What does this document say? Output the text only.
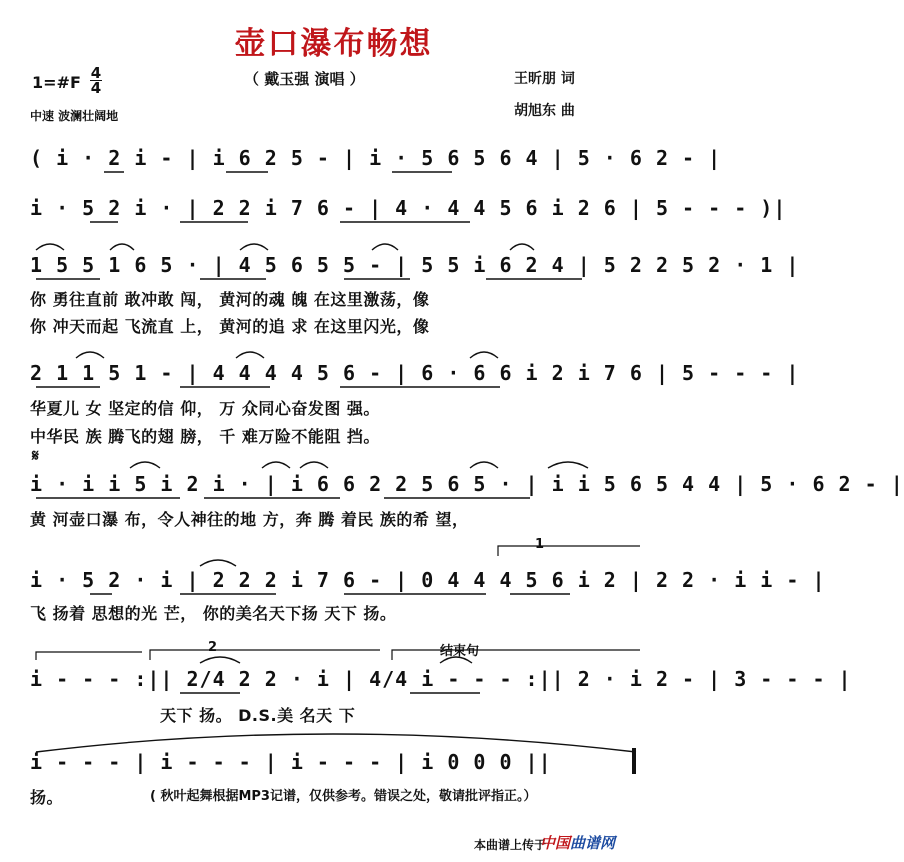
壶口瀑布畅想
（ 戴玉强 演唱 ）
1=#F 4
4
中速 波澜壮阔地
王昕朋 词
胡旭东 曲
( i · 2 i - | i 6 2 5 - | i · 5 6 5 6 4 | 5 · 6 2 - |
i · 5 2 i · | 2 2 i 7 6 - | 4 · 4 4 5 6 i 2 6 | 5 - - - )|
1 5 5 1 6 5 · | 4 5 6 5 5 - | 5 5 i 6 2 4 | 5 2 2 5 2 · 1 |
你 勇往直前 敢冲敢 闯， 黄河的魂 魄 在这里激荡，像
你 冲天而起 飞流直 上， 黄河的追 求 在这里闪光，像
2 1 1 5 1 - | 4 4 4 4 5 6 - | 6 · 6 6 i 2 i 7 6 | 5 - - - |
华夏儿 女 坚定的信 仰， 万 众同心奋发图 强。
中华民 族 腾飞的翅 膀， 千 难万险不能阻 挡。
𝄋
i · i i 5 i 2 i · | i 6 6 2 2 5 6 5 · | i i 5 6 5 4 4 | 5 · 6 2 - |
黄 河壶口瀑 布，令人神往的地 方，奔 腾 着民 族的希 望，
i · 5 2 · i | 2 2 2 i 7 6 - | 0 4 4 4 5 6 i 2 | 2 2 · i i - |
飞 扬着 思想的光 芒， 你的美名天下扬 天下 扬。
i - - - :|| 2/4 2 2 · i | 4/4 i - - - :|| 2 · i 2 - | 3 - - - |
天下 扬。 D.S.美 名天 下
i - - - | i - - - | i - - - | i 0 0 0 ||
扬。	( 秋叶起舞根据MP3记谱，仅供参考。错误之处，敬请批评指正。）
1
2	结束句
本曲谱上传于
中国曲谱网
